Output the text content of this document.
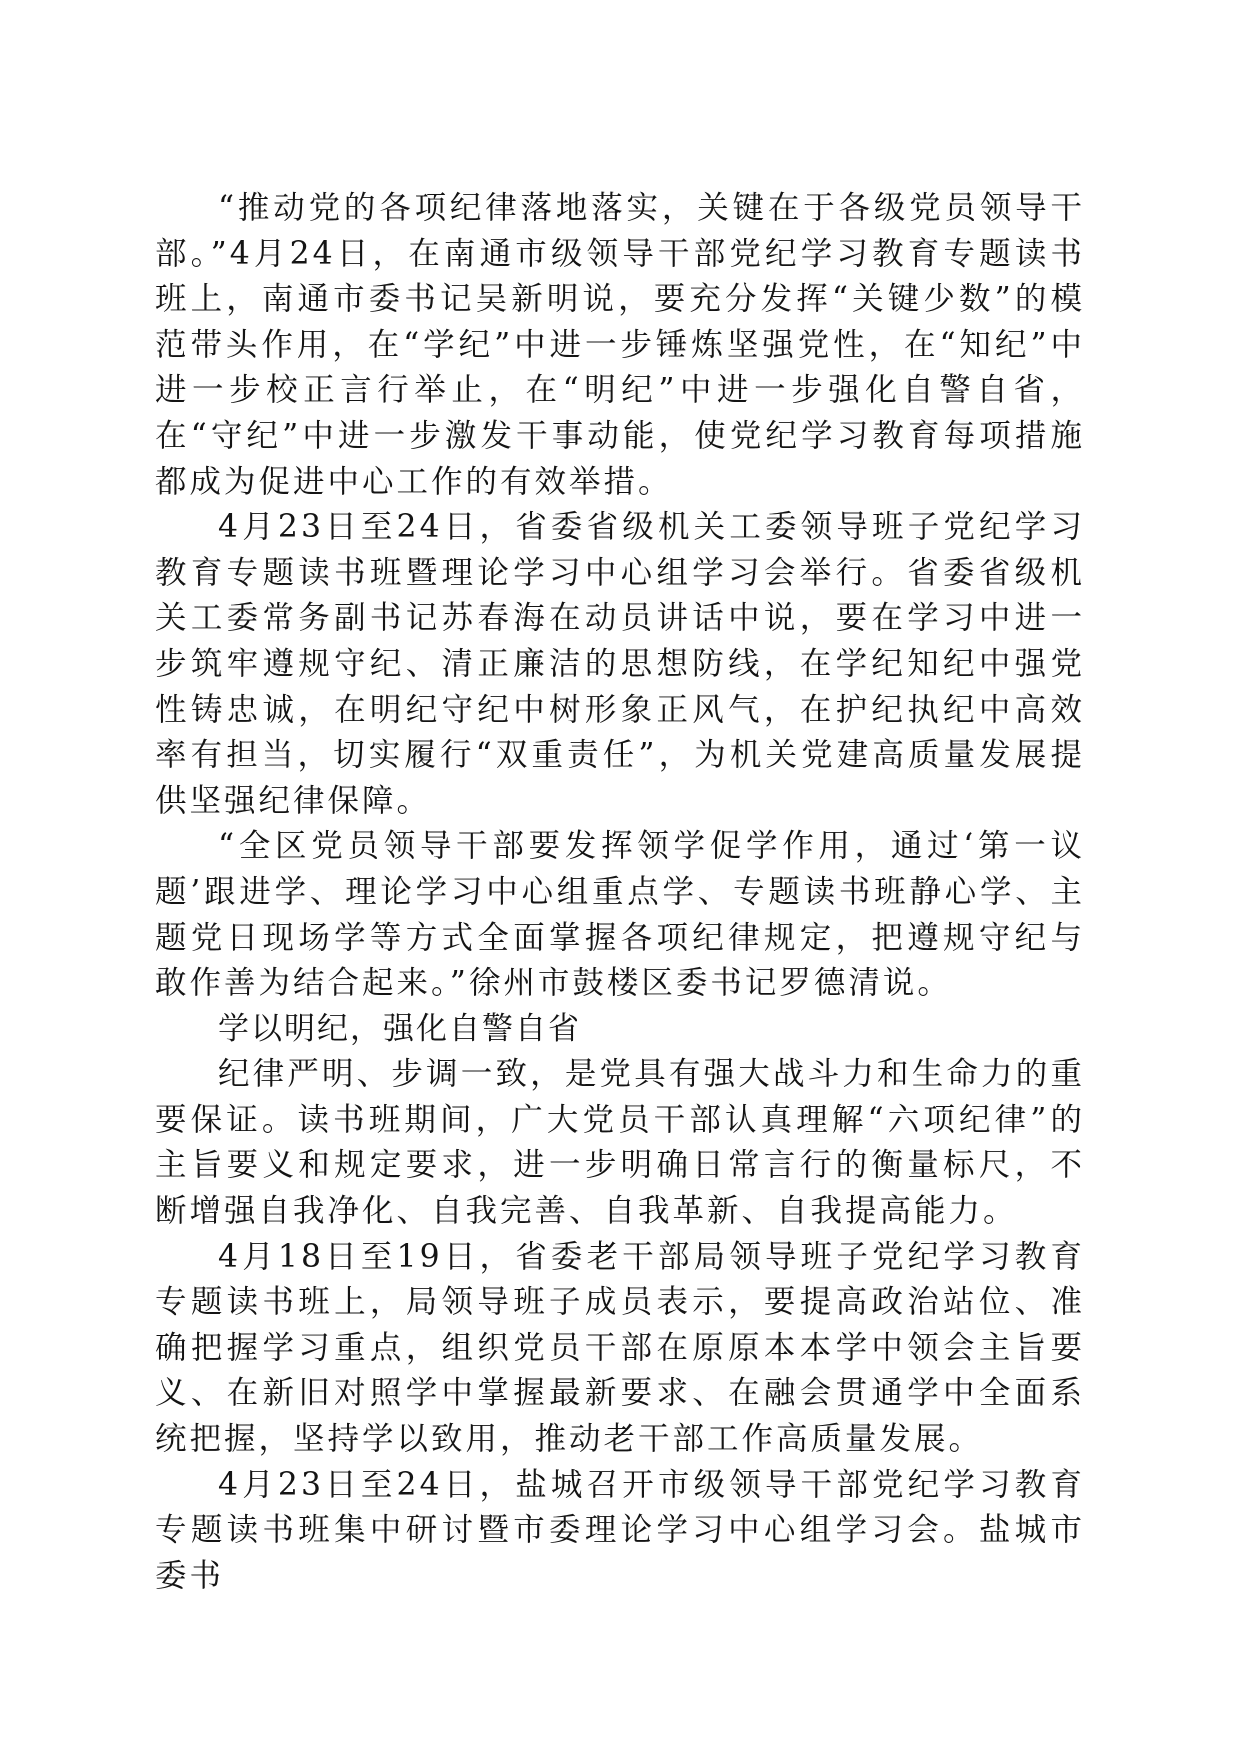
“推动党的各项纪律落地落实，关键在于各级党员领导干部。”4月24日，在南通市级领导干部党纪学习教育专题读书班上，南通市委书记吴新明说，要充分发挥“关键少数”的模范带头作用，在“学纪”中进一步锤炼坚强党性，在“知纪”中进一步校正言行举止，在“明纪”中进一步强化自警自省，在“守纪”中进一步激发干事动能，使党纪学习教育每项措施都成为促进中心工作的有效举措。

4月23日至24日，省委省级机关工委领导班子党纪学习教育专题读书班暨理论学习中心组学习会举行。省委省级机关工委常务副书记苏春海在动员讲话中说，要在学习中进一步筑牢遵规守纪、清正廉洁的思想防线，在学纪知纪中强党性铸忠诚，在明纪守纪中树形象正风气，在护纪执纪中高效率有担当，切实履行“双重责任”，为机关党建高质量发展提供坚强纪律保障。

“全区党员领导干部要发挥领学促学作用，通过‘第一议题’跟进学、理论学习中心组重点学、专题读书班静心学、主题党日现场学等方式全面掌握各项纪律规定，把遵规守纪与敢作善为结合起来。”徐州市鼓楼区委书记罗德清说。

学以明纪，强化自警自省

纪律严明、步调一致，是党具有强大战斗力和生命力的重要保证。读书班期间，广大党员干部认真理解“六项纪律”的主旨要义和规定要求，进一步明确日常言行的衡量标尺，不断增强自我净化、自我完善、自我革新、自我提高能力。

4月18日至19日，省委老干部局领导班子党纪学习教育专题读书班上，局领导班子成员表示，要提高政治站位、准确把握学习重点，组织党员干部在原原本本学中领会主旨要义、在新旧对照学中掌握最新要求、在融会贯通学中全面系统把握，坚持学以致用，推动老干部工作高质量发展。

4月23日至24日，盐城召开市级领导干部党纪学习教育专题读书班集中研讨暨市委理论学习中心组学习会。盐城市委书
